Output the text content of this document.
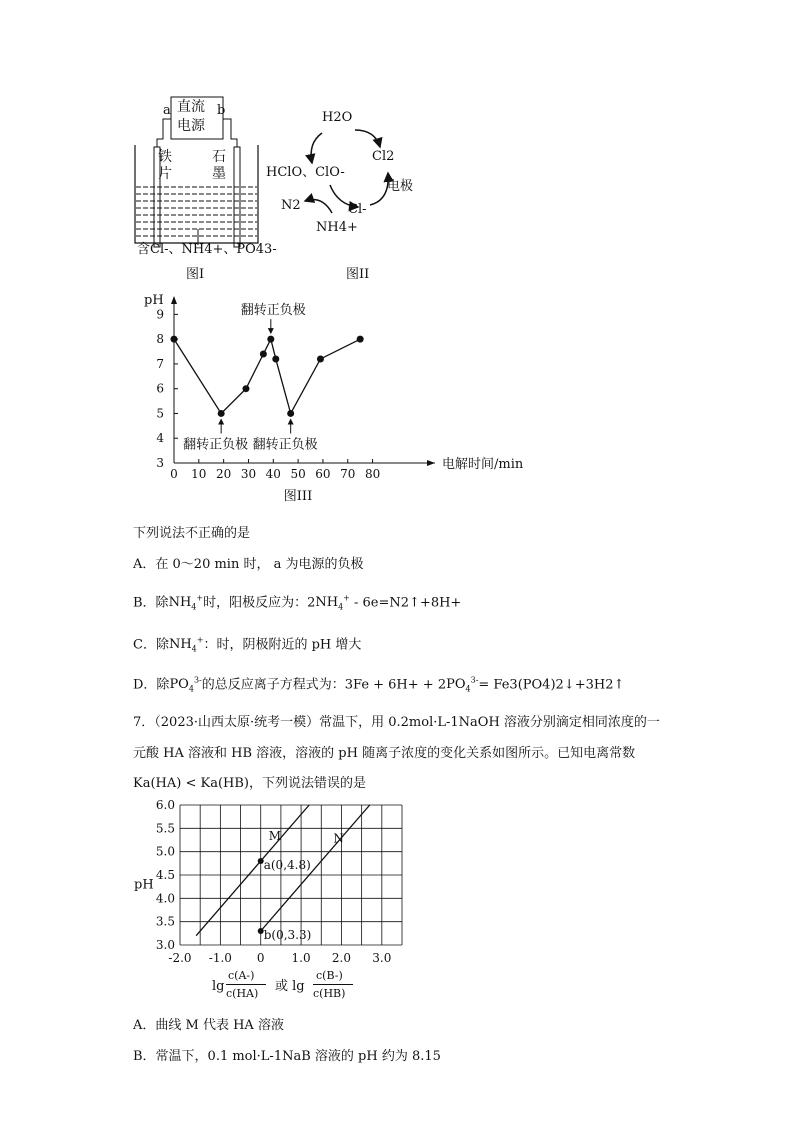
a	b
直流
电源
铁
片
石
墨
含Cl-、NH4+、PO43-
图I
H2O
Cl2
HClO、ClO-
电极
N2	Cl-
NH4+
图II
0 10 20 30 40 50 60 70 80
3
4
5
6
7
8
9
pH
电解时间/min
翻转正负极
翻转正负极 翻转正负极
图III
下列说法不正确的是
A．在 0～20 min 时， a 为电源的负极
B．除$NH_4^+$时，阳极反应为：$2NH_4^+$ - 6e=N2↑+8H+
C．除$NH_4^+$：时，阴极附近的 pH 增大
D．除$PO_4^{3-}$的总反应离子方程式为：$3Fe + 6H+ + 2PO_4^{3-}=$ Fe3(PO4)2↓+3H2↑
7．（2023·山西太原·统考一模）常温下，用 0.2mol·L-1NaOH 溶液分别滴定相同浓度的一
元酸 HA 溶液和 HB 溶液，溶液的 pH 随离子浓度的变化关系如图所示。已知电离常数
Ka(HA) < Ka(HB)，下列说法错误的是
-2.0 -1.0 0 1.0 2.0 3.0
3.0
3.5
4.0
4.5
5.0
5.5
6.0
pH
M	N
a(0,4.8)
b(0,3.3)
lg
c(A-)
c(HA) 或 lg
c(B-)
c(HB)
A．曲线 M 代表 HA 溶液
B．常温下，0.1 mol·L-1NaB 溶液的 pH 约为 8.15
